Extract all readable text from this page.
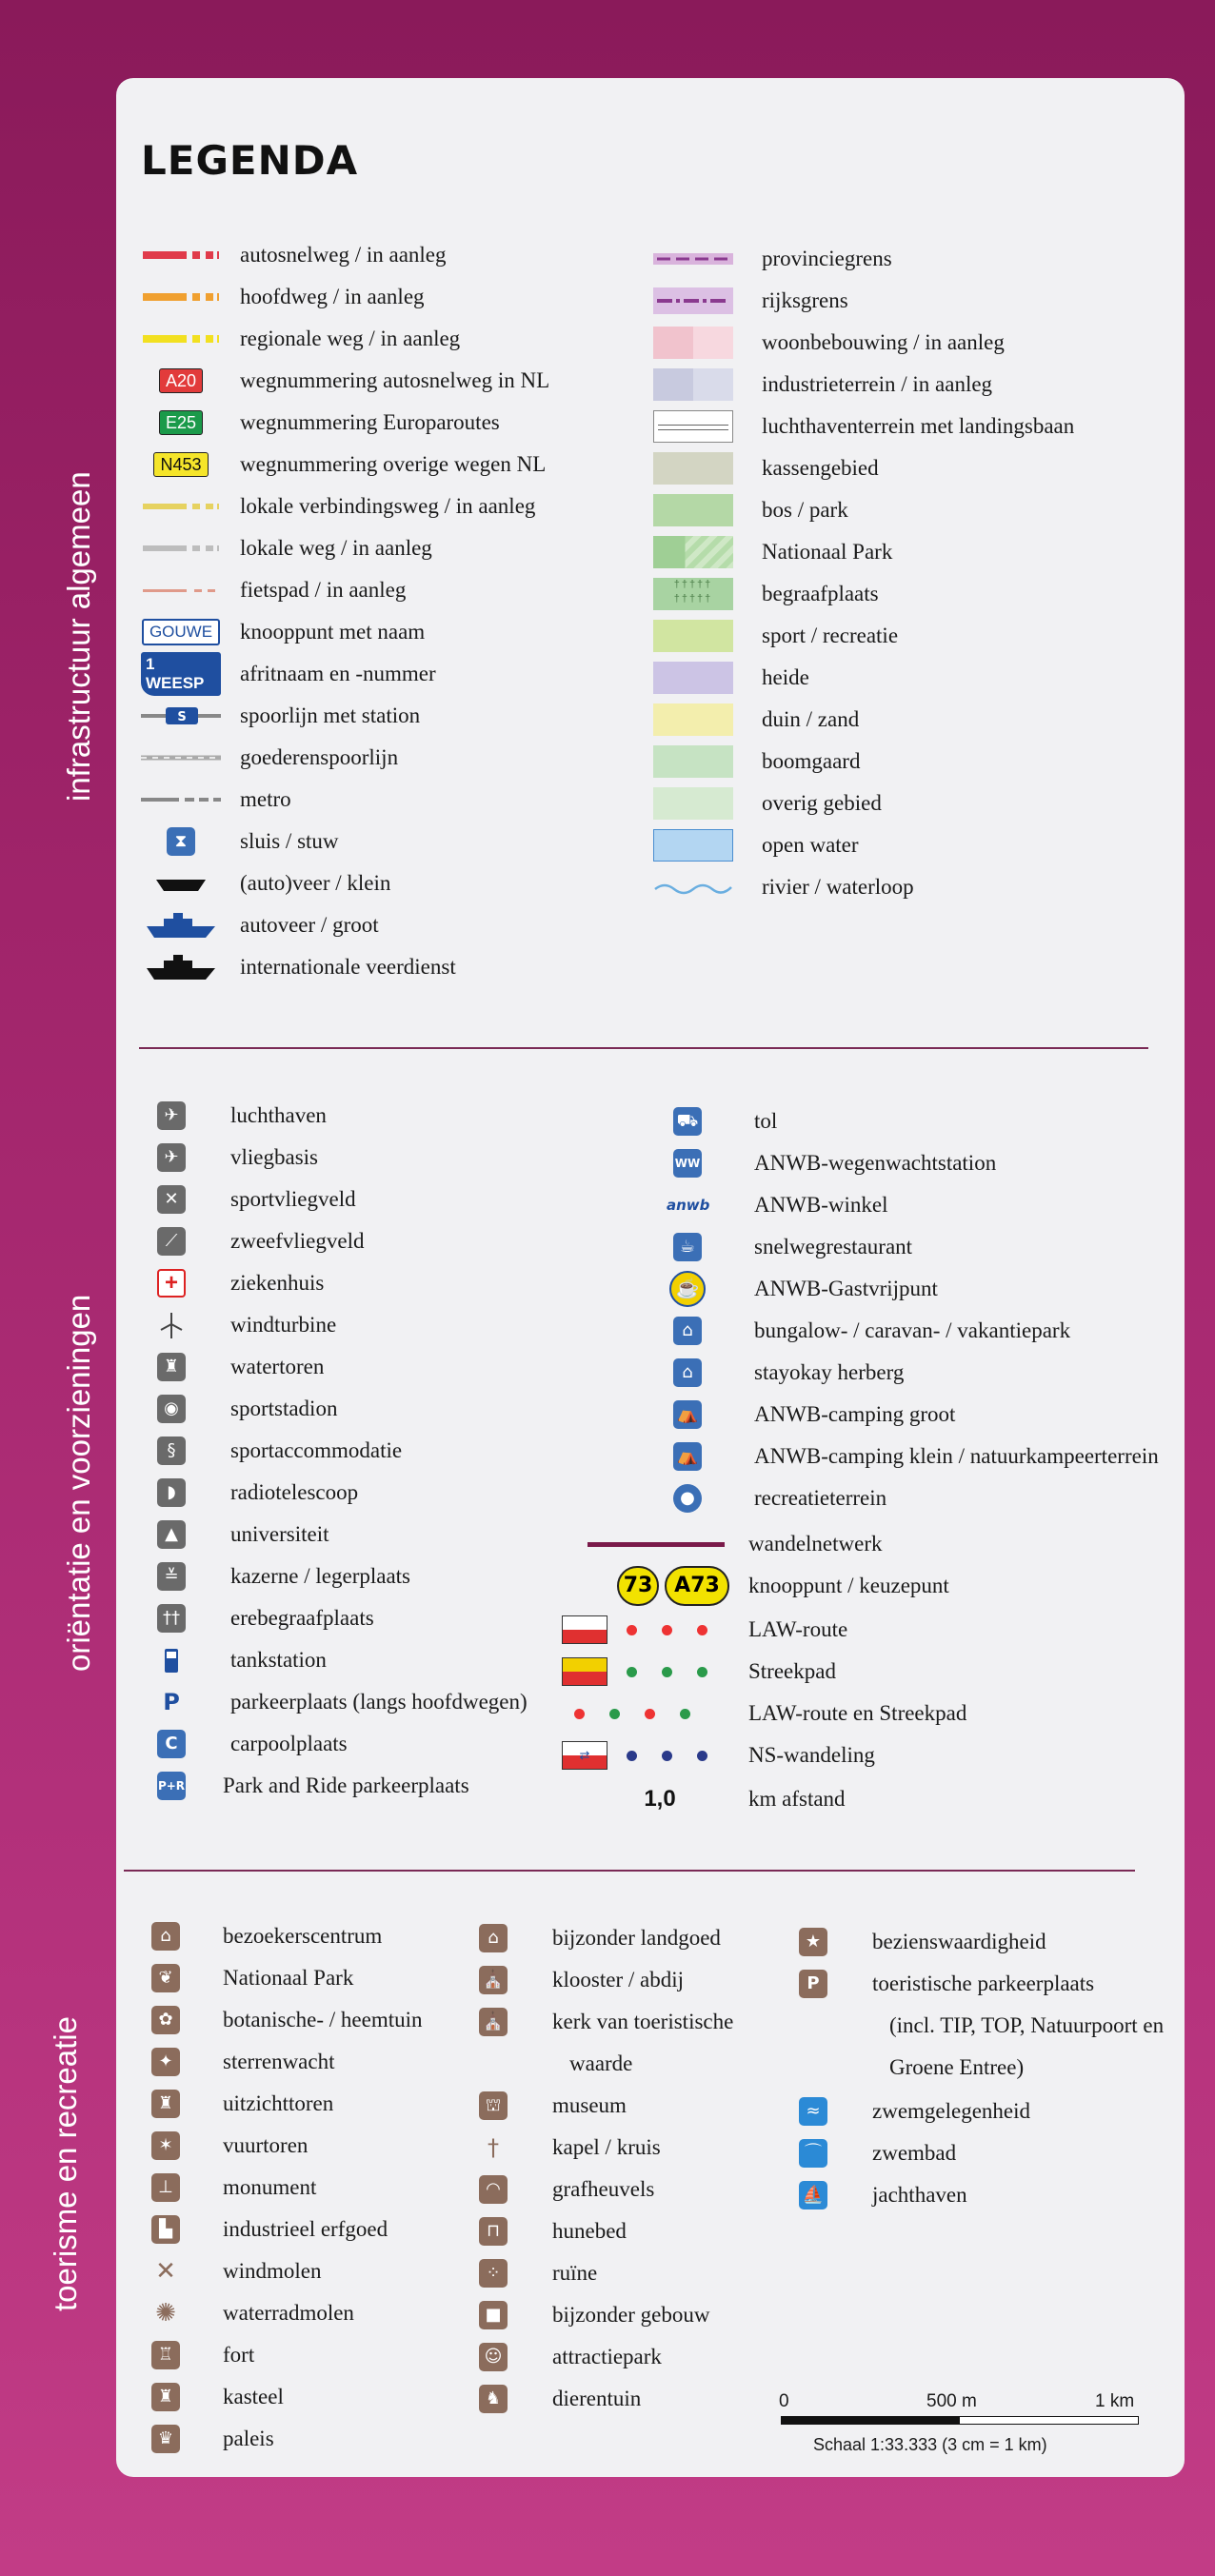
infrastructuur algemeen
oriëntatie en voorzieningen
toerisme en recreatie
LEGENDA
autosnelweg / in aanleg
hoofdweg / in aanleg
regionale weg / in aanleg
A20	wegnummering autosnelweg in NL
E25	wegnummering Europaroutes
N453	wegnummering overige wegen NL
lokale verbindingsweg / in aanleg
lokale weg / in aanleg
fietspad / in aanleg
GOUWE	knooppunt met naam
1 WEESP	afritnaam en -nummer
S spoorlijn met station
goederenspoorlijn
metro
⧗	sluis / stuw
(auto)veer / klein
autoveer / groot
internationale veerdienst
provinciegrens
rijksgrens
woonbebouwing / in aanleg
industrieterrein / in aanleg
luchthaventerrein met landingsbaan
kassengebied
bos / park
Nationaal Park
†††††
†††††	begraafplaats
sport / recreatie
heide
duin / zand
boomgaard
overig gebied
open water
rivier / waterloop
✈	luchthaven
✈	vliegbasis
✕	sportvliegveld
⟋	zweefvliegveld
+	ziekenhuis
windturbine
♜	watertoren
◉	sportstadion
§	sportaccommodatie
◗	radiotelescoop
▲	universiteit
≚	kazerne / legerplaats
†† erebegraafplaats
tankstation
P parkeerplaats (langs hoofdwegen)
C	carpoolplaats
P+R Park and Ride parkeerplaats
⛟	tol
WW ANWB-wegenwachtstation
anwb ANWB-winkel
☕	snelwegrestaurant
☕	ANWB-Gastvrijpunt
⌂	bungalow- / caravan- / vakantiepark
⌂	stayokay herberg
⛺	ANWB-camping groot
⛺	ANWB-camping klein / natuurkampeerterrein
●	recreatieterrein
wandelnetwerk
73	A73	knooppunt / keuzepunt
LAW-route
Streekpad
LAW-route en Streekpad
⇄	NS-wandeling
1,0	km afstand
⌂	bezoekerscentrum
❦	Nationaal Park
✿	botanische- / heemtuin
✦	sterrenwacht
♜	uitzichttoren
✶	vuurtoren
⊥	monument
▙	industrieel erfgoed
✕ windmolen
✺ waterradmolen
♖	fort
♜	kasteel
♛	paleis
⌂	bijzonder landgoed
⛪ klooster / abdij
⛪ kerk van toeristische
waarde
⛫ museum
†	kapel / kruis
◠	grafheuvels
⊓	hunebed
⁘	ruïne
■ bijzonder gebouw
☺ attractiepark
♞	dierentuin
★	bezienswaardigheid
P	toeristische parkeerplaats
(incl. TIP, TOP, Natuurpoort en
Groene Entree)
≈	zwemgelegenheid
⌒ zwembad
⛵ jachthaven
0	500 m	1 km
Schaal 1:33.333 (3 cm = 1 km)
